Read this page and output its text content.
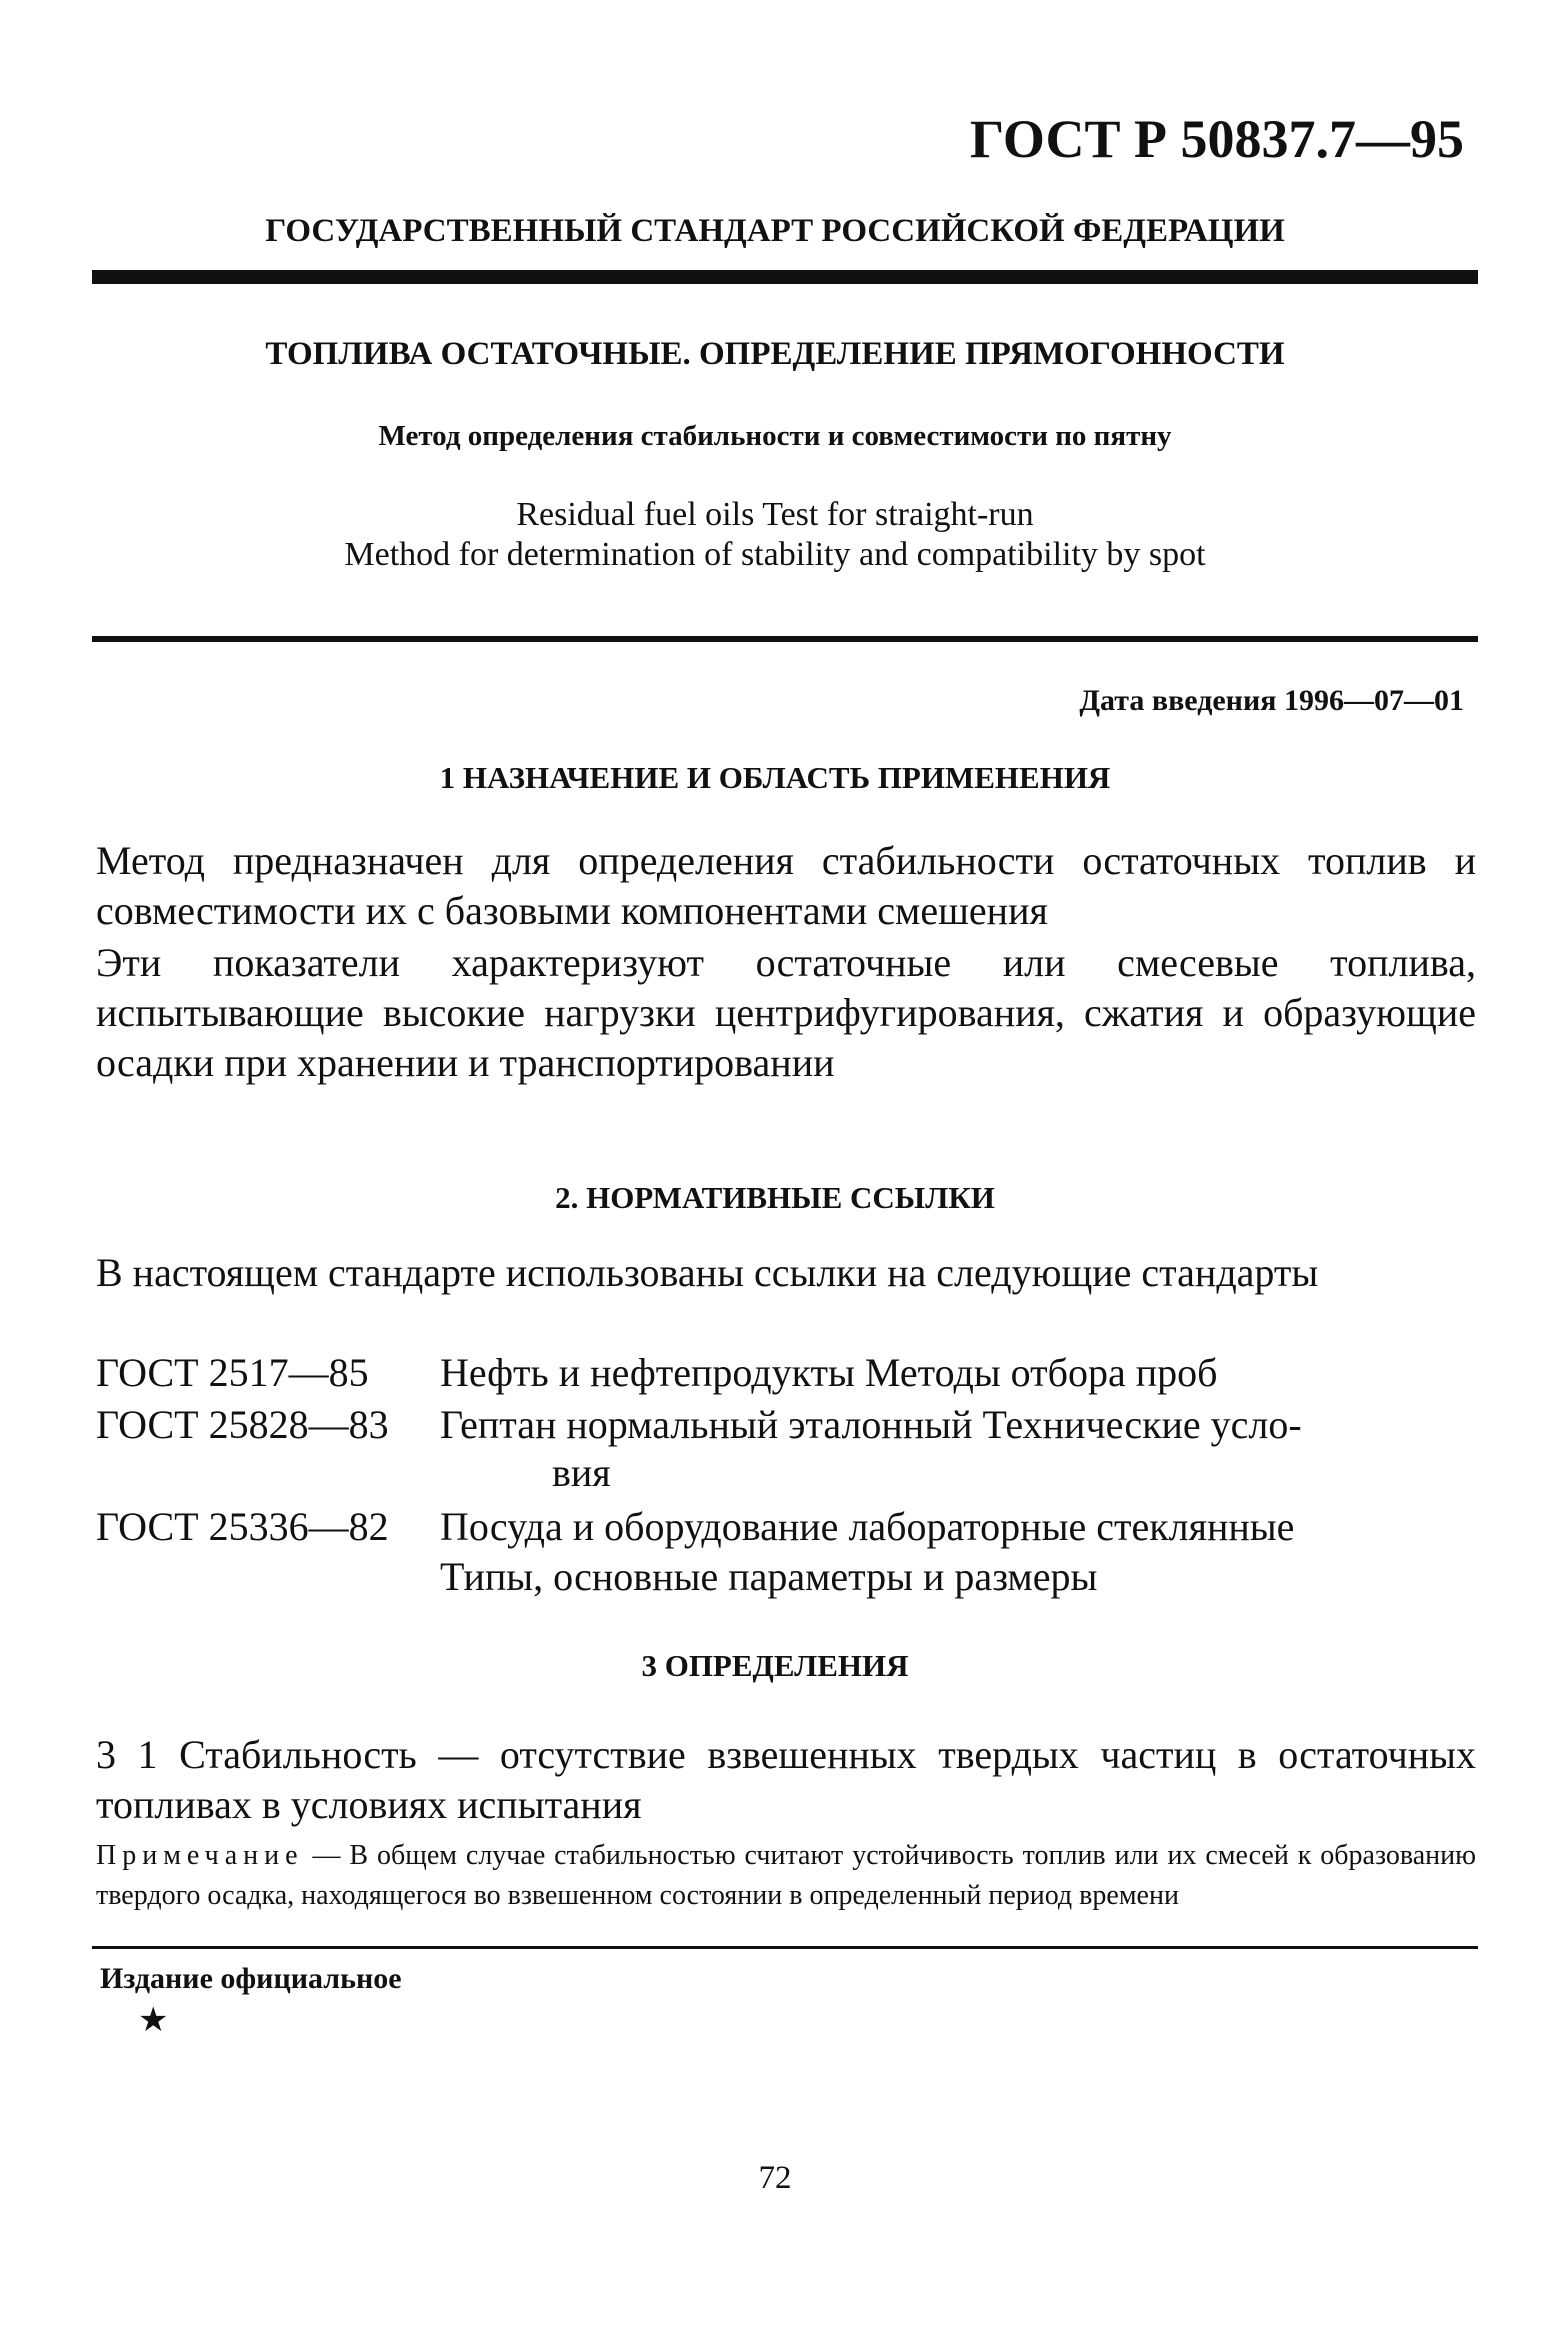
ГОСТ Р 50837.7—95
ГОСУДАРСТВЕННЫЙ СТАНДАРТ РОССИЙСКОЙ ФЕДЕРАЦИИ
ТОПЛИВА ОСТАТОЧНЫЕ. ОПРЕДЕЛЕНИЕ ПРЯМОГОННОСТИ
Метод определения стабильности и совместимости по пятну
Residual fuel oils Test for straight-run
Method for determination of stability and compatibility by spot
Дата введения 1996—07—01
1 НАЗНАЧЕНИЕ И ОБЛАСТЬ ПРИМЕНЕНИЯ

Метод предназначен для определения стабильности остаточных топлив и совместимости их с базовыми компонентами смешения

Эти показатели характеризуют остаточные или смесевые топлива, испытывающие высокие нагрузки центрифугирования, сжатия и образующие осадки при хранении и транспортировании

2. НОРМАТИВНЫЕ ССЫЛКИ

В настоящем стандарте использованы ссылки на следующие стандарты

ГОСТ 2517—85 Нефть и нефтепродукты Методы отбора проб
ГОСТ 25828—83 Гептан нормальный эталонный Технические усло-
вия
ГОСТ 25336—82 Посуда и оборудование лабораторные стеклянные
Типы, основные параметры и размеры
3 ОПРЕДЕЛЕНИЯ

3 1 Стабильность — отсутствие взвешенных твердых частиц в остаточных топливах в условиях испытания

Примечание — В общем случае стабильностью считают устойчивость топлив или их смесей к образованию твердого осадка, находящегося во взвешенном состоянии в определенный период времени

Издание официальное
★
72
